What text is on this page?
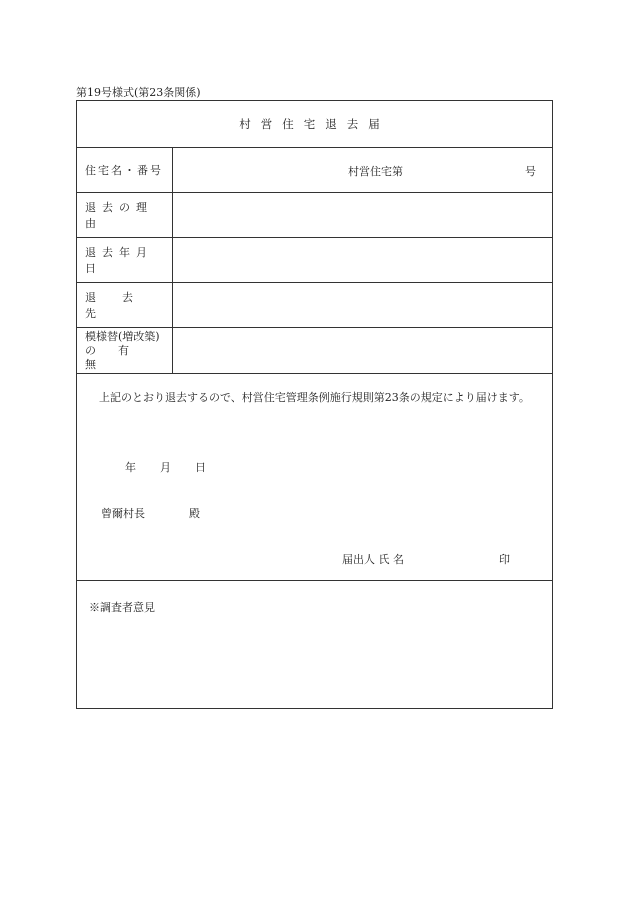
第19号様式(第23条関係)
村営住宅退去届
住宅名・番号	村営住宅第	号
退去の理由
退去年月日
退去先
模様替(増改築)
の有無
上記のとおり退去するので、村営住宅管理条例施行規則第23条の規定により届けます。
年 月 日
曾爾村長	殿
届出人 氏 名	印
※調査者意見
